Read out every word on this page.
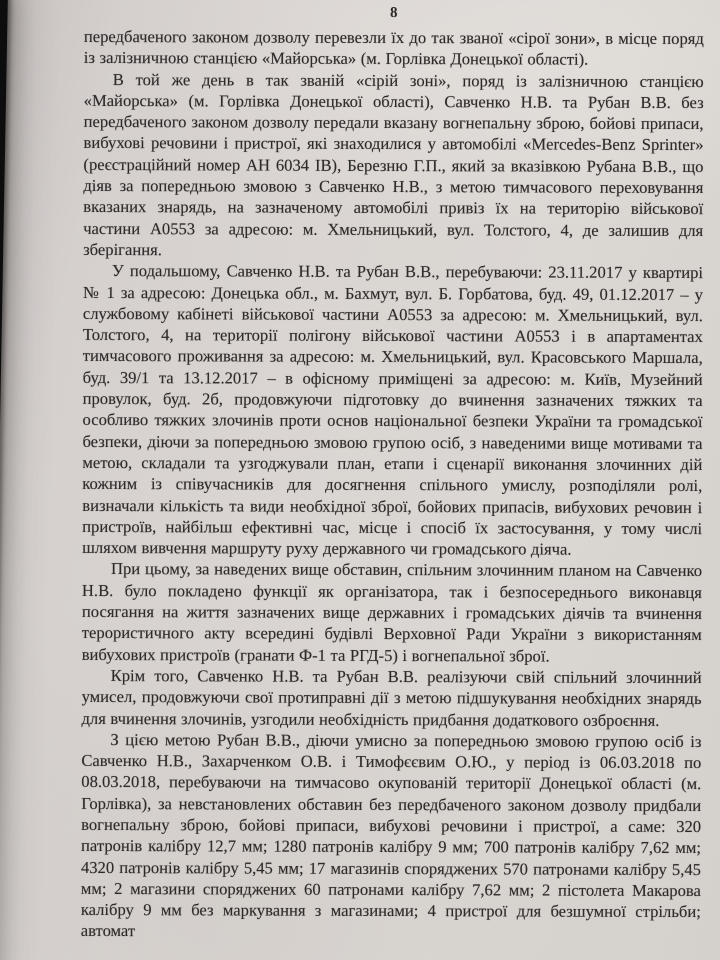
8

передбаченого законом дозволу перевезли їх до так званої «сірої зони», в місце поряд із залізничною станцією «Майорська» (м. Горлівка Донецької області).

В той же день в так званій «сірій зоні», поряд із залізничною станцією «Майорська» (м. Горлівка Донецької області), Савченко Н.В. та Рубан В.В. без передбаченого законом дозволу передали вказану вогнепальну зброю, бойові припаси, вибухові речовини і пристрої, які знаходилися у автомобілі «Mercedes-Benz Sprinter» (реєстраційний номер АН 6034 ІВ), Березню Г.П., який за вказівкою Рубана В.В., що діяв за попередньою змовою з Савченко Н.В., з метою тимчасового переховування вказаних знарядь, на зазначеному автомобілі привіз їх на територію військової частини А0553 за адресою: м. Хмельницький, вул. Толстого, 4, де залишив для зберігання.

У подальшому, Савченко Н.В. та Рубан В.В., перебуваючи: 23.11.2017 у квартирі № 1 за адресою: Донецька обл., м. Бахмут, вул. Б. Горбатова, буд. 49, 01.12.2017 – у службовому кабінеті військової частини А0553 за адресою: м. Хмельницький, вул. Толстого, 4, на території полігону військової частини А0553 і в апартаментах тимчасового проживання за адресою: м. Хмельницький, вул. Красовського Маршала, буд. 39/1 та 13.12.2017 – в офісному приміщені за адресою: м. Київ, Музейний провулок, буд. 2б, продовжуючи підготовку до вчинення зазначених тяжких та особливо тяжких злочинів проти основ національної безпеки України та громадської безпеки, діючи за попередньою змовою групою осіб, з наведеними вище мотивами та метою, складали та узгоджували план, етапи і сценарії виконання злочинних дій кожним із співучасників для досягнення спільного умислу, розподіляли ролі, визначали кількість та види необхідної зброї, бойових припасів, вибухових речовин і пристроїв, найбільш ефективні час, місце і спосіб їх застосування, у тому числі шляхом вивчення маршруту руху державного чи громадського діяча.

При цьому, за наведених вище обставин, спільним злочинним планом на Савченко Н.В. було покладено функції як організатора, так і безпосереднього виконавця посягання на життя зазначених вище державних і громадських діячів та вчинення терористичного акту всередині будівлі Верховної Ради України з використанням вибухових пристроїв (гранати Ф-1 та РГД-5) і вогнепальної зброї.

Крім того, Савченко Н.В. та Рубан В.В. реалізуючи свій спільний злочинний умисел, продовжуючи свої протиправні дії з метою підшукування необхідних знарядь для вчинення злочинів, узгодили необхідність придбання додаткового озброєння.

З цією метою Рубан В.В., діючи умисно за попередньою змовою групою осіб із Савченко Н.В., Захарченком О.В. і Тимофєєвим О.Ю., у період із 06.03.2018 по 08.03.2018, перебуваючи на тимчасово окупованій території Донецької області (м. Горлівка), за невстановлених обставин без передбаченого законом дозволу придбали вогнепальну зброю, бойові припаси, вибухові речовини і пристрої, а саме: 320 патронів калібру 12,7 мм; 1280 патронів калібру 9 мм; 700 патронів калібру 7,62 мм; 4320 патронів калібру 5,45 мм; 17 магазинів споряджених 570 патронами калібру 5,45 мм; 2 магазини споряджених 60 патронами калібру 7,62 мм; 2 пістолета Макарова калібру 9 мм без маркування з магазинами; 4 пристрої для безшумної стрільби; автомат
